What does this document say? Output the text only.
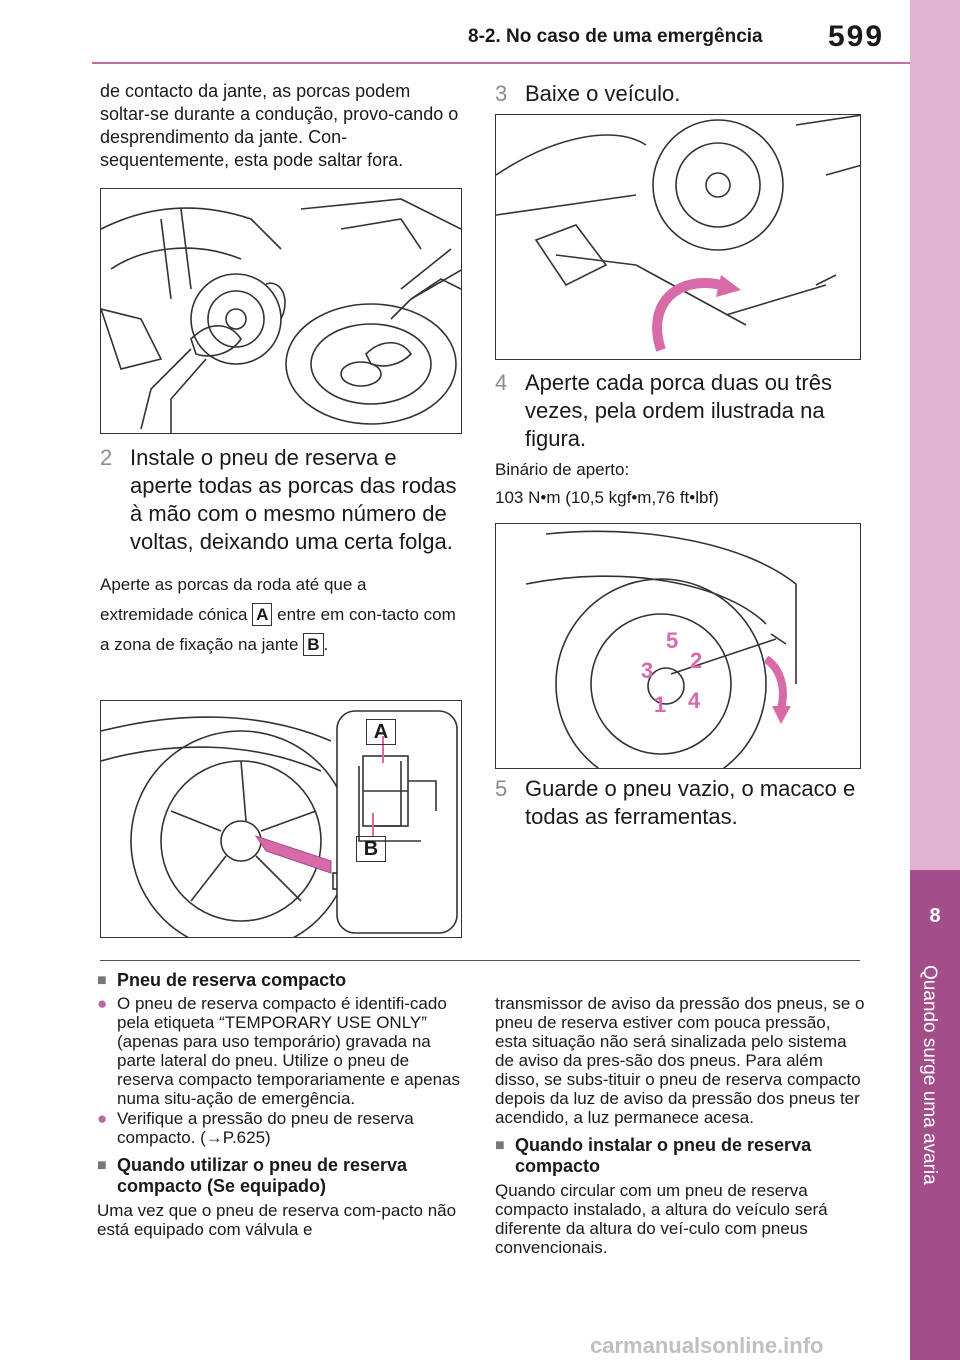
8-2. No caso de uma emergência 599
8
Quando surge uma avaria
de contacto da jante, as porcas podem soltar-se durante a condução, provo-cando o desprendimento da jante. Con-sequentemente, esta pode saltar fora.
2 Instale o pneu de reserva e aperte todas as porcas das rodas à mão com o mesmo número de voltas, deixando uma certa folga.
Aperte as porcas da roda até que a extremidade cónica A entre em con-tacto com a zona de fixação na jante B .
A
B
3 Baixe o veículo.
4 Aperte cada porca duas ou três vezes, pela ordem ilustrada na figura.
Binário de aperto:
103 N•m (10,5 kgf•m,76 ft•lbf)
5
2
3
1 4
5 Guarde o pneu vazio, o macaco e todas as ferramentas.
■ Pneu de reserva compacto
● O pneu de reserva compacto é identifi-cado pela etiqueta “TEMPORARY USE ONLY” (apenas para uso temporário) gravada na parte lateral do pneu. Utilize o pneu de reserva compacto temporariamente e apenas numa situ-ação de emergência.
● Verifique a pressão do pneu de reserva compacto. (→P.625)
■ Quando utilizar o pneu de reserva compacto (Se equipado)
Uma vez que o pneu de reserva com-pacto não está equipado com válvula e
transmissor de aviso da pressão dos pneus, se o pneu de reserva estiver com pouca pressão, esta situação não será sinalizada pelo sistema de aviso da pres-são dos pneus. Para além disso, se subs-tituir o pneu de reserva compacto depois da luz de aviso da pressão dos pneus ter acendido, a luz permanece acesa.
■ Quando instalar o pneu de reserva compacto
Quando circular com um pneu de reserva compacto instalado, a altura do veículo será diferente da altura do veí-culo com pneus convencionais.
carmanualsonline.info
